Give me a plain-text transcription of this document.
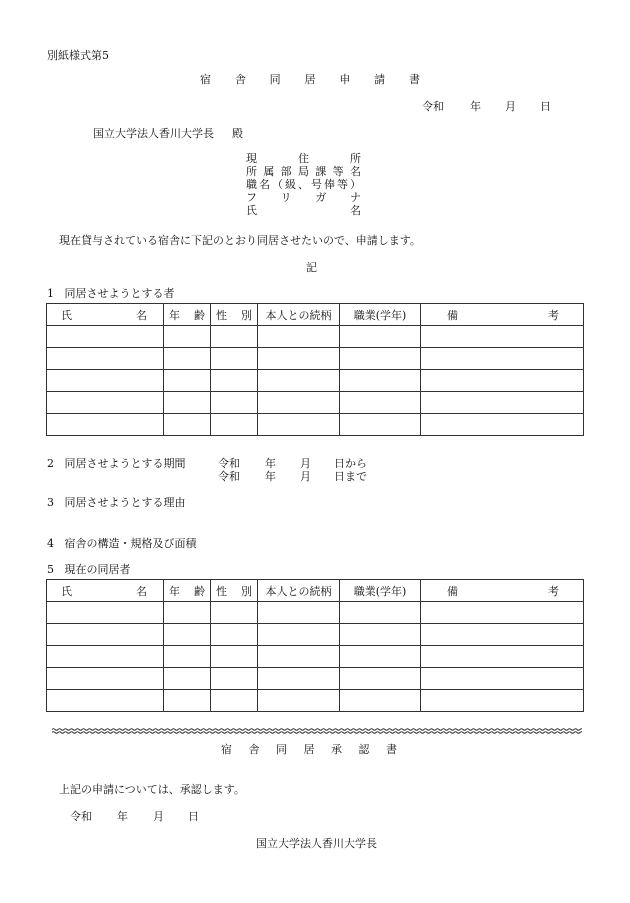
別紙様式第5
宿 舎 同 居 申 請 書
令和 年 月 日
国立大学法人香川大学長 殿
現	住	所
所 属 部 局 課 等 名
職 名 （ 級 、 号 俸 等 ）
フ リ ガ ナ
氏	名
現在貸与されている宿舎に下記のとおり同居させたいので、申請します。
記
1 同居させようとする者
氏 名	年 齢	性 別	本人との続柄	職業(学年)	備 考

2 同居させようとする期間	令和 年 月 日から
令和 年 月 日まで
3 同居させようとする理由
4 宿舎の構造・規格及び面積
5 現在の同居者
氏 名	年 齢	性 別	本人との続柄	職業(学年)	備 考

宿 舎 同 居 承 認 書
上記の申請については、承認します。
令和 年 月 日
国立大学法人香川大学長
